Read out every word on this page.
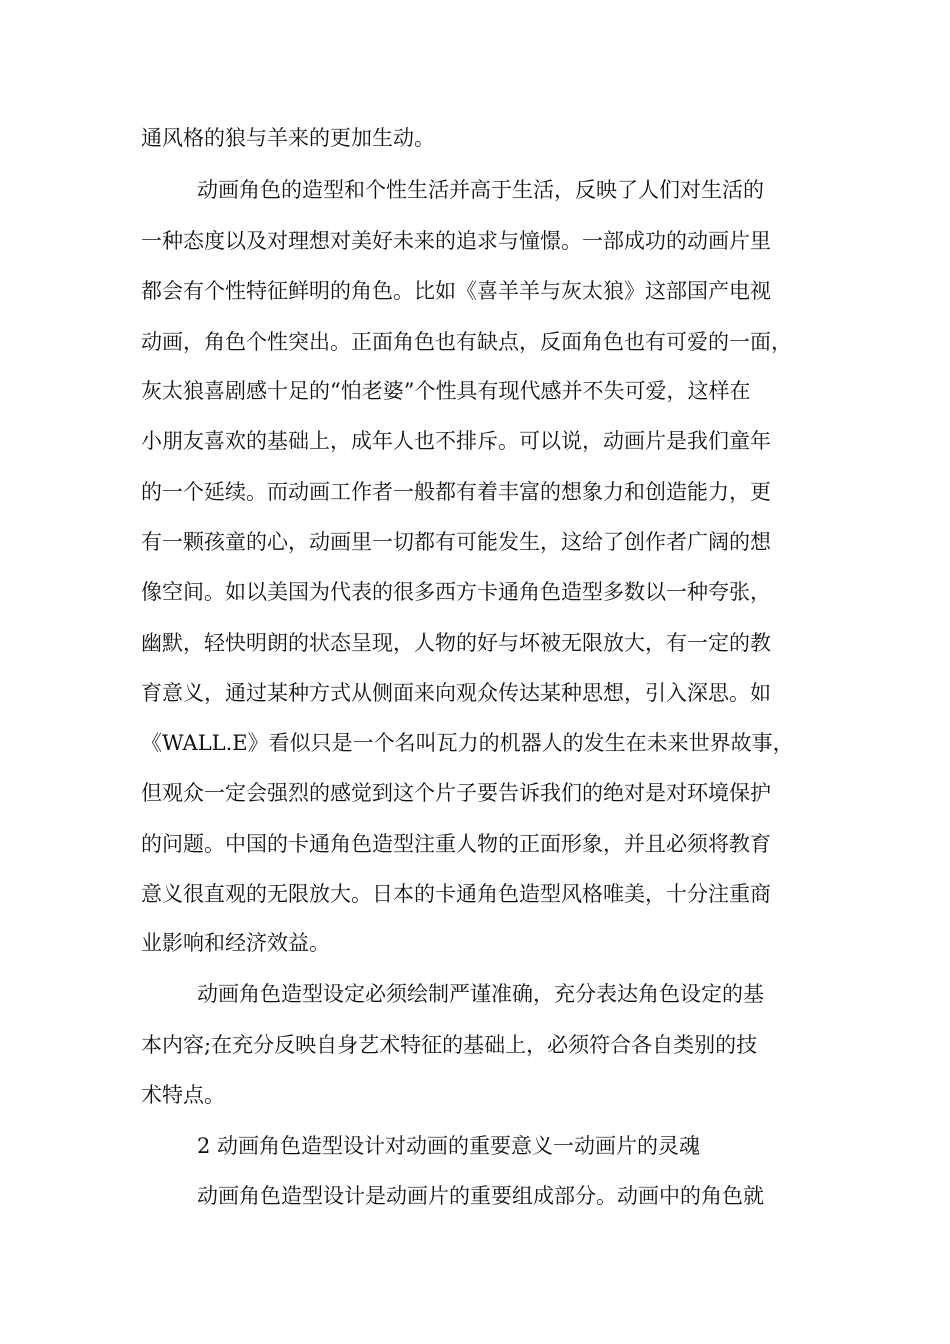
通风格的狼与羊来的更加生动。

动画角色的造型和个性生活并高于生活，反映了人们对生活的

一种态度以及对理想对美好未来的追求与憧憬。一部成功的动画片里

都会有个性特征鲜明的角色。比如《喜羊羊与灰太狼》这部国产电视

动画，角色个性突出。正面角色也有缺点，反面角色也有可爱的一面，

灰太狼喜剧感十足的“怕老婆”个性具有现代感并不失可爱，这样在

小朋友喜欢的基础上，成年人也不排斥。可以说，动画片是我们童年

的一个延续。而动画工作者一般都有着丰富的想象力和创造能力，更

有一颗孩童的心，动画里一切都有可能发生，这给了创作者广阔的想

像空间。如以美国为代表的很多西方卡通角色造型多数以一种夸张，

幽默，轻快明朗的状态呈现，人物的好与坏被无限放大，有一定的教

育意义，通过某种方式从侧面来向观众传达某种思想，引入深思。如

《WALL.E》看似只是一个名叫瓦力的机器人的发生在未来世界故事，

但观众一定会强烈的感觉到这个片子要告诉我们的绝对是对环境保护

的问题。中国的卡通角色造型注重人物的正面形象，并且必须将教育

意义很直观的无限放大。日本的卡通角色造型风格唯美，十分注重商

业影响和经济效益。

动画角色造型设定必须绘制严谨准确，充分表达角色设定的基

本内容;在充分反映自身艺术特征的基础上，必须符合各自类别的技

术特点。

2 动画角色造型设计对动画的重要意义一动画片的灵魂

动画角色造型设计是动画片的重要组成部分。动画中的角色就
